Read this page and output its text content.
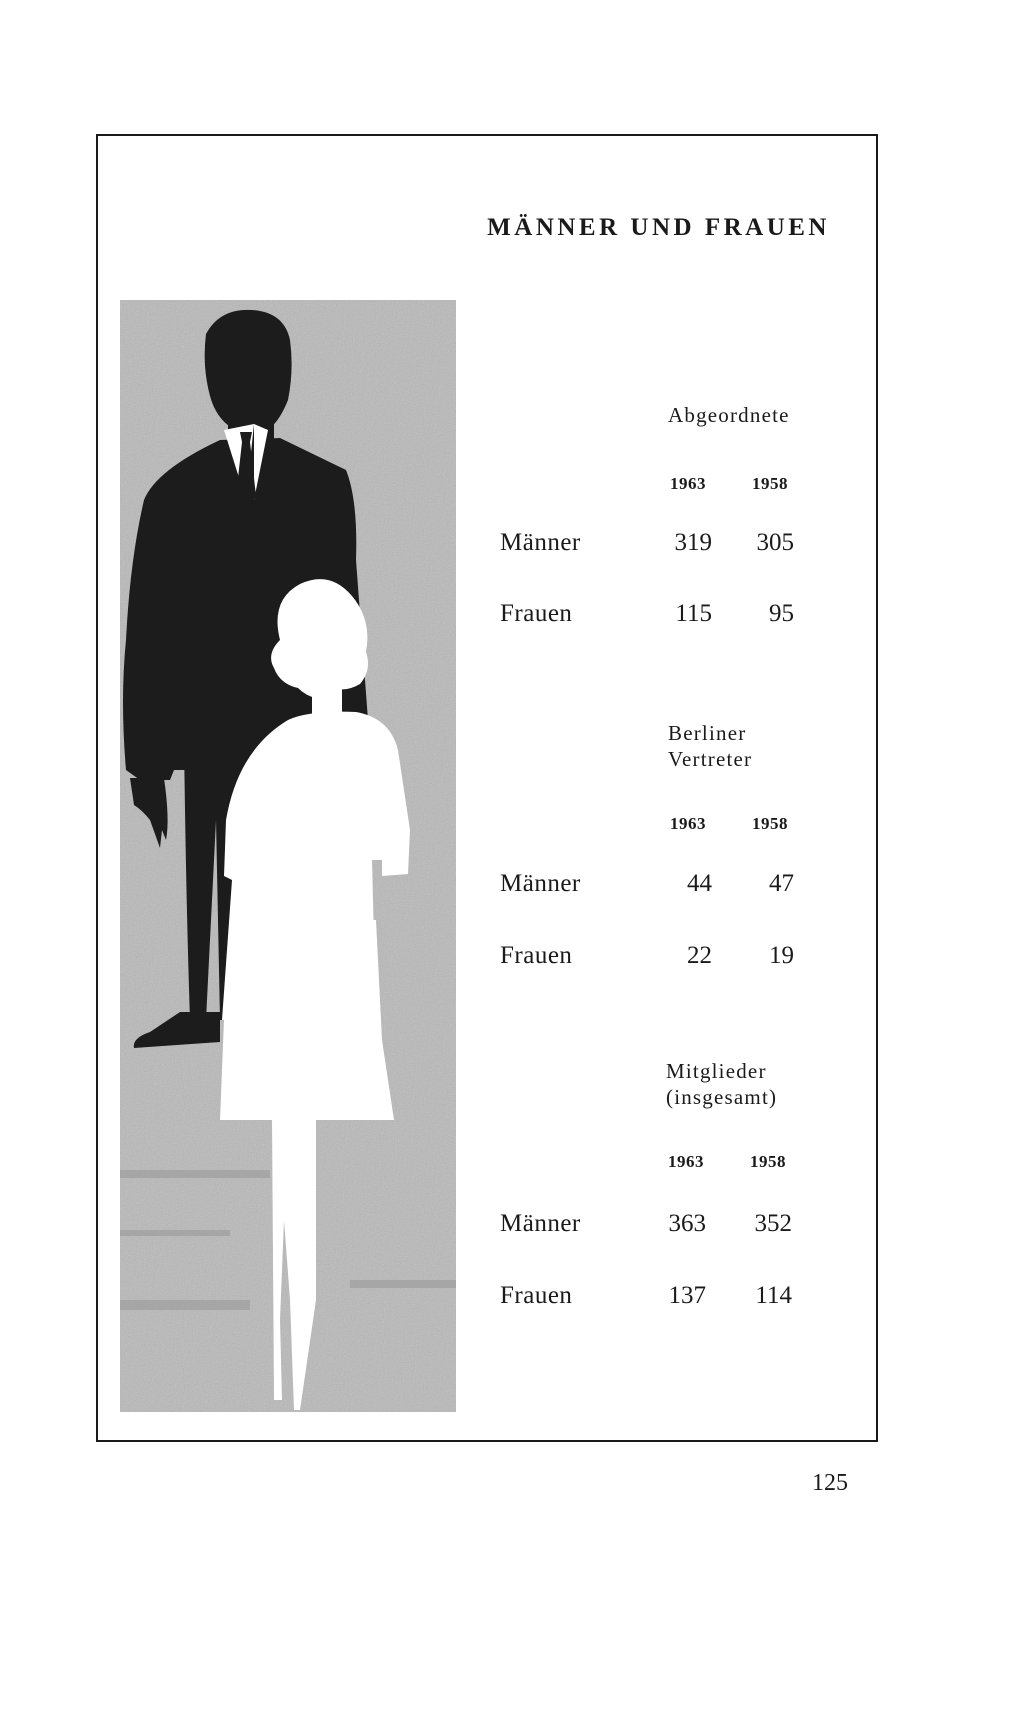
MÄNNER UND FRAUEN
Abgeordnete
1963	1958
Männer	319	305
Frauen	115	95
Berliner
Vertreter
1963	1958
Männer	44	47
Frauen	22	19
Mitglieder
(insgesamt)
1963	1958
Männer	363	352
Frauen	137	114
125
